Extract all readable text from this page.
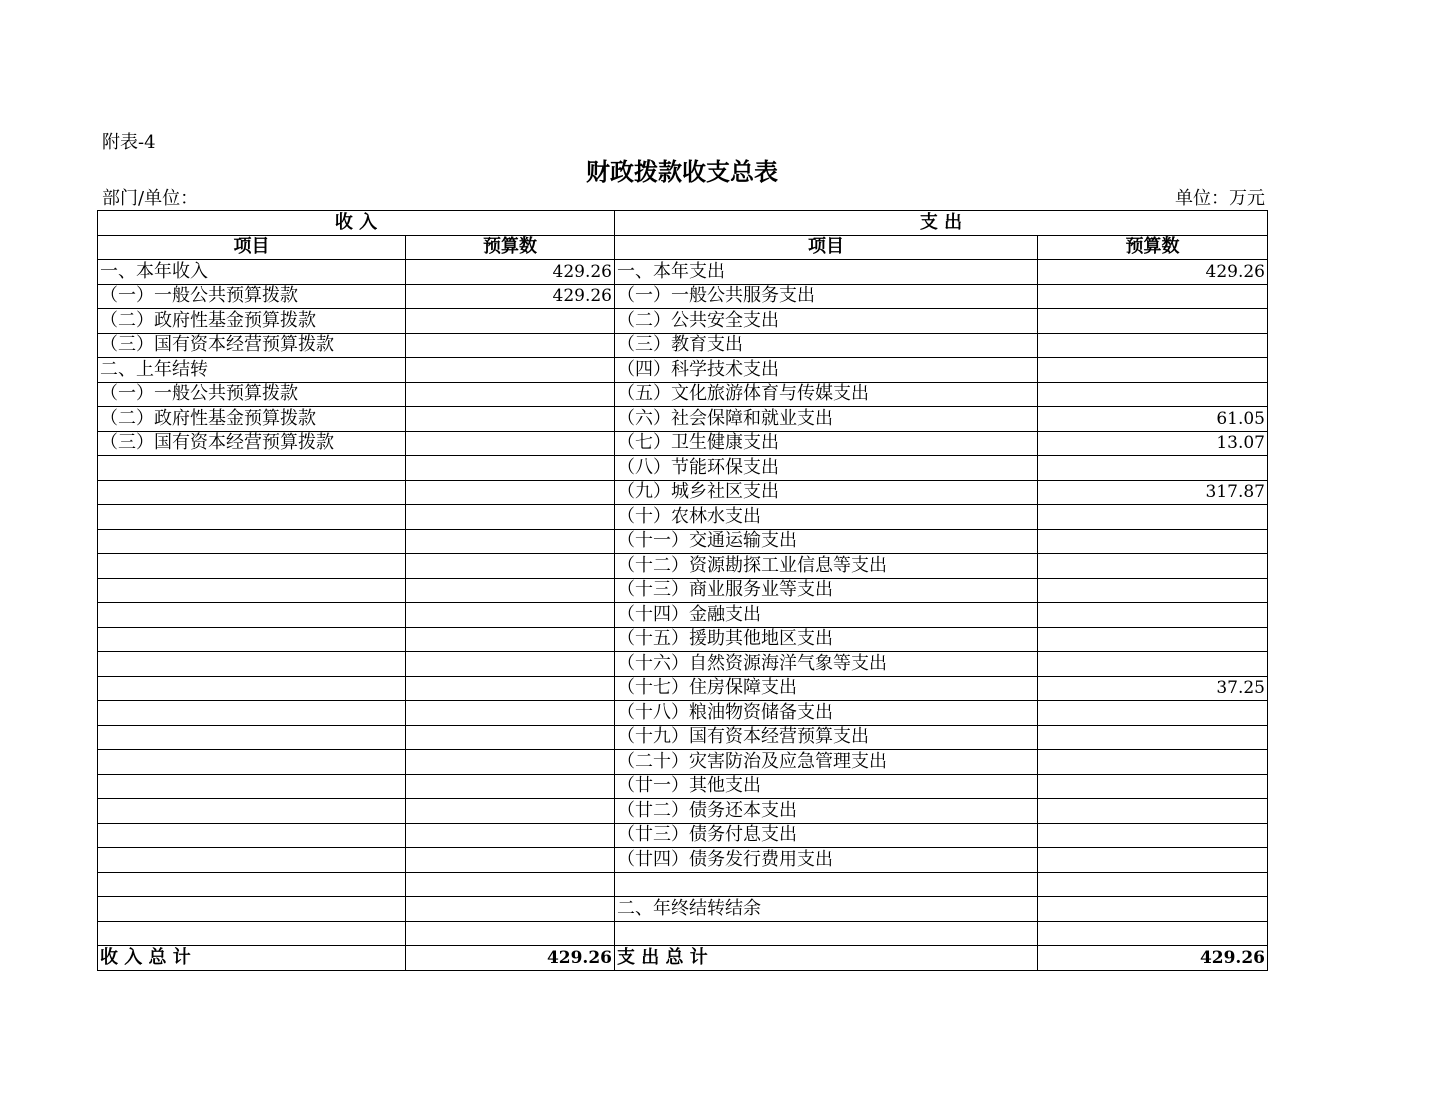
附表-4
财政拨款收支总表
部门/单位：	单位：万元
收 入		支 出	
项目	预算数	项目	预算数
一、本年收入	429.26	一、本年支出	429.26
（一）一般公共预算拨款	429.26	（一）一般公共服务支出	
（二）政府性基金预算拨款		（二）公共安全支出	
（三）国有资本经营预算拨款		（三）教育支出	
二、上年结转		（四）科学技术支出	
（一）一般公共预算拨款		（五）文化旅游体育与传媒支出	
（二）政府性基金预算拨款		（六）社会保障和就业支出	61.05
（三）国有资本经营预算拨款		（七）卫生健康支出	13.07
		（八）节能环保支出	
		（九）城乡社区支出	317.87
		（十）农林水支出	
		（十一）交通运输支出	
		（十二）资源勘探工业信息等支出	
		（十三）商业服务业等支出	
		（十四）金融支出	
		（十五）援助其他地区支出	
		（十六）自然资源海洋气象等支出	
		（十七）住房保障支出	37.25
		（十八）粮油物资储备支出	
		（十九）国有资本经营预算支出	
		（二十）灾害防治及应急管理支出	
		（廿一）其他支出	
		（廿二）债务还本支出	
		（廿三）债务付息支出	
		（廿四）债务发行费用支出	

		二、年终结转结余	

收 入 总 计	429.26	支 出 总 计	429.26
